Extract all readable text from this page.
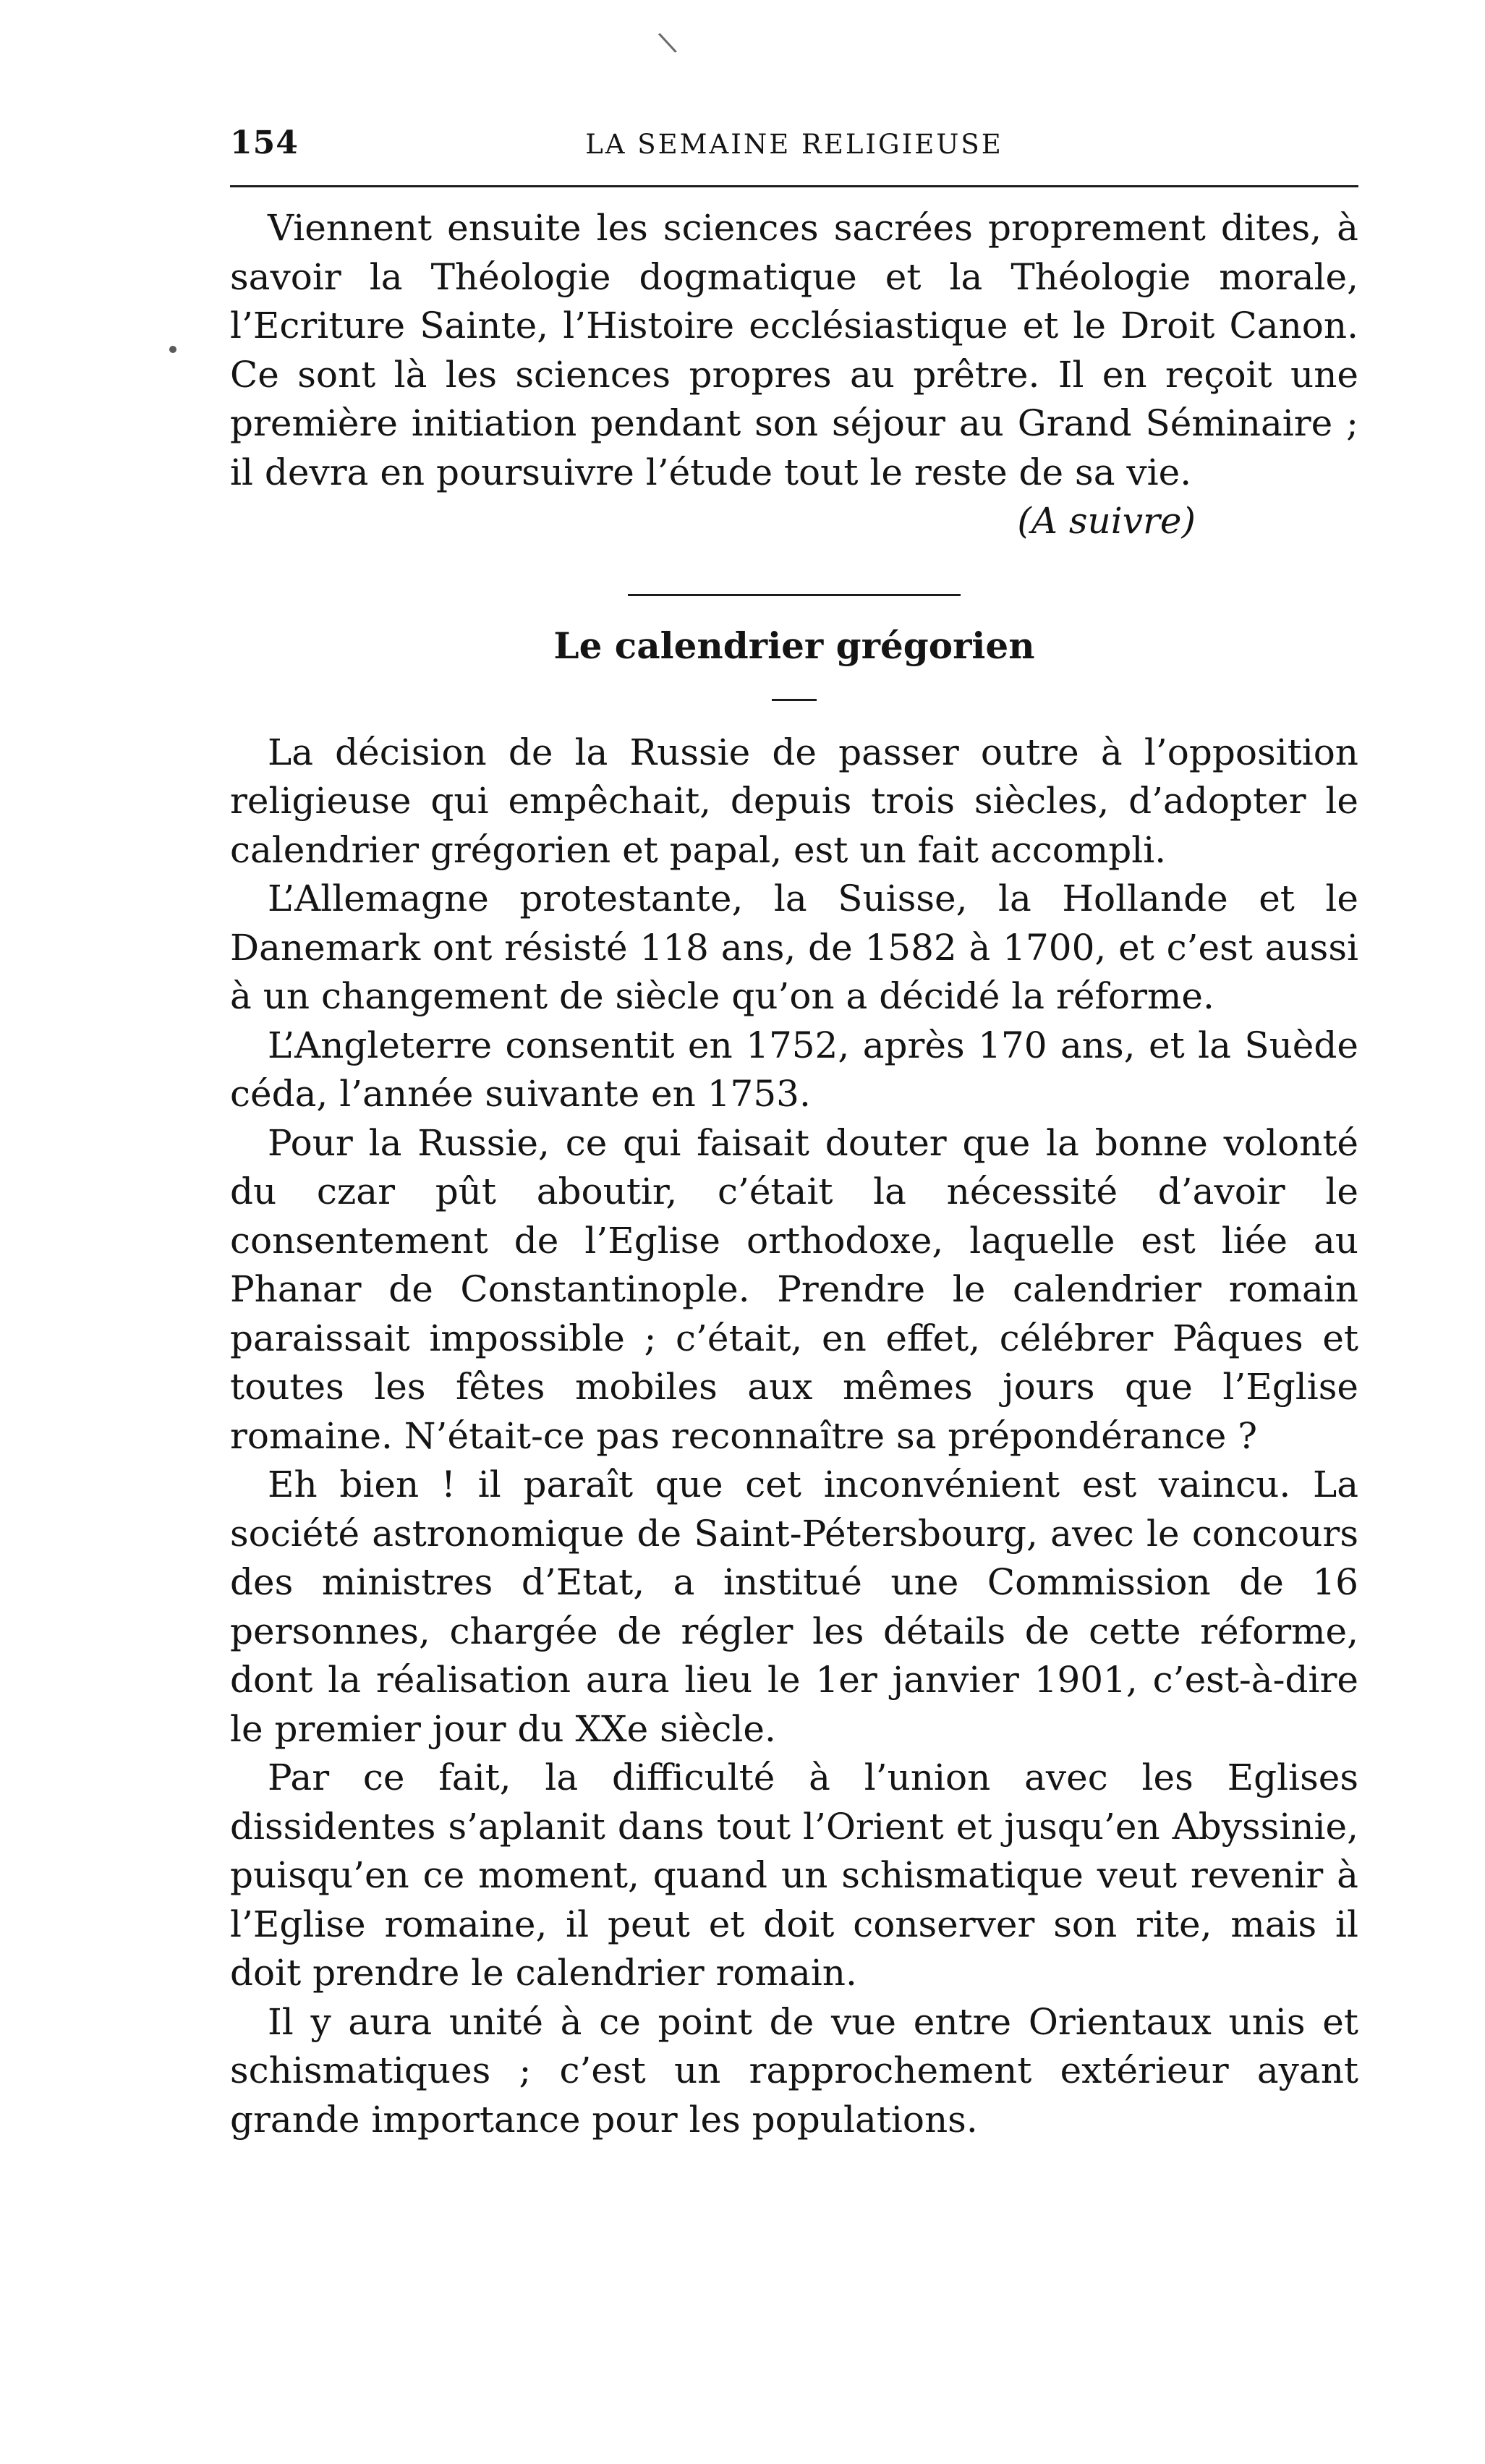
\
154	LA SEMAINE RELIGIEUSE

Viennent ensuite les sciences sacrées proprement dites, à savoir la Théologie dogmatique et la Théologie morale, l’Ecriture Sainte, l’Histoire ecclésiastique et le Droit Canon. Ce sont là les sciences propres au prêtre. Il en reçoit une première initiation pendant son séjour au Grand Séminaire ; il devra en poursuivre l’étude tout le reste de sa vie.

(A suivre)

Le calendrier grégorien

La décision de la Russie de passer outre à l’opposition religieuse qui empêchait, depuis trois siècles, d’adopter le calendrier grégorien et papal, est un fait accompli.

L’Allemagne protestante, la Suisse, la Hollande et le Danemark ont résisté 118 ans, de 1582 à 1700, et c’est aussi à un changement de siècle qu’on a décidé la réforme.

L’Angleterre consentit en 1752, après 170 ans, et la Suède céda, l’année suivante en 1753.

Pour la Russie, ce qui faisait douter que la bonne volonté du czar pût aboutir, c’était la nécessité d’avoir le consentement de l’Eglise orthodoxe, laquelle est liée au Phanar de Constantinople. Prendre le calendrier romain paraissait impossible ; c’était, en effet, célébrer Pâques et toutes les fêtes mobiles aux mêmes jours que l’Eglise romaine. N’était-ce pas reconnaître sa prépondérance ?

Eh bien ! il paraît que cet inconvénient est vaincu. La société astronomique de Saint-Pétersbourg, avec le concours des ministres d’Etat, a institué une Commission de 16 personnes, chargée de régler les détails de cette réforme, dont la réalisation aura lieu le 1er janvier 1901, c’est-à-dire le premier jour du XXe siècle.

Par ce fait, la difficulté à l’union avec les Eglises dissidentes s’aplanit dans tout l’Orient et jusqu’en Abyssinie, puisqu’en ce moment, quand un schismatique veut revenir à l’Eglise romaine, il peut et doit conserver son rite, mais il doit prendre le calendrier romain.

Il y aura unité à ce point de vue entre Orientaux unis et schismatiques ; c’est un rapprochement extérieur ayant grande importance pour les populations.
